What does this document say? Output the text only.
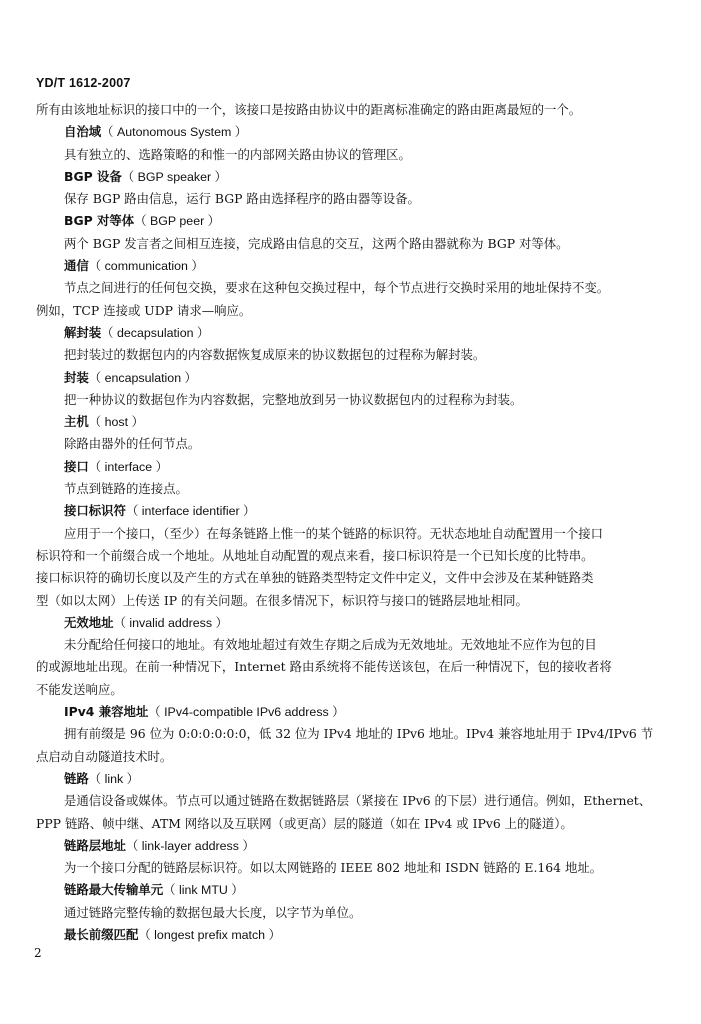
YD/T 1612-2007
所有由该地址标识的接口中的一个，该接口是按路由协议中的距离标准确定的路由距离最短的一个。
自治域（ Autonomous System ）
具有独立的、选路策略的和惟一的内部网关路由协议的管理区。
BGP 设备（ BGP speaker ）
保存 BGP 路由信息，运行 BGP 路由选择程序的路由器等设备。
BGP 对等体（ BGP peer ）
两个 BGP 发言者之间相互连接，完成路由信息的交互，这两个路由器就称为 BGP 对等体。
通信（ communication ）
节点之间进行的任何包交换，要求在这种包交换过程中，每个节点进行交换时采用的地址保持不变。
例如，TCP 连接或 UDP 请求—响应。
解封装（ decapsulation ）
把封装过的数据包内的内容数据恢复成原来的协议数据包的过程称为解封装。
封装（ encapsulation ）
把一种协议的数据包作为内容数据，完整地放到另一协议数据包内的过程称为封装。
主机（ host ）
除路由器外的任何节点。
接口（ interface ）
节点到链路的连接点。
接口标识符（ interface identifier ）
应用于一个接口，（至少）在每条链路上惟一的某个链路的标识符。无状态地址自动配置用一个接口
标识符和一个前缀合成一个地址。从地址自动配置的观点来看，接口标识符是一个已知长度的比特串。
接口标识符的确切长度以及产生的方式在单独的链路类型特定文件中定义，文件中会涉及在某种链路类
型（如以太网）上传送 IP 的有关问题。在很多情况下，标识符与接口的链路层地址相同。
无效地址（ invalid address ）
未分配给任何接口的地址。有效地址超过有效生存期之后成为无效地址。无效地址不应作为包的目
的或源地址出现。在前一种情况下，Internet 路由系统将不能传送该包，在后一种情况下，包的接收者将
不能发送响应。
IPv4 兼容地址（ IPv4-compatible IPv6 address ）
拥有前缀是 96 位为 0:0:0:0:0:0，低 32 位为 IPv4 地址的 IPv6 地址。IPv4 兼容地址用于 IPv4/IPv6 节
点启动自动隧道技术时。
链路（ link ）
是通信设备或媒体。节点可以通过链路在数据链路层（紧接在 IPv6 的下层）进行通信。例如，Ethernet、
PPP 链路、帧中继、ATM 网络以及互联网（或更高）层的隧道（如在 IPv4 或 IPv6 上的隧道）。
链路层地址（ link-layer address ）
为一个接口分配的链路层标识符。如以太网链路的 IEEE 802 地址和 ISDN 链路的 E.164 地址。
链路最大传输单元（ link MTU ）
通过链路完整传输的数据包最大长度，以字节为单位。
最长前缀匹配（ longest prefix match ）
2
